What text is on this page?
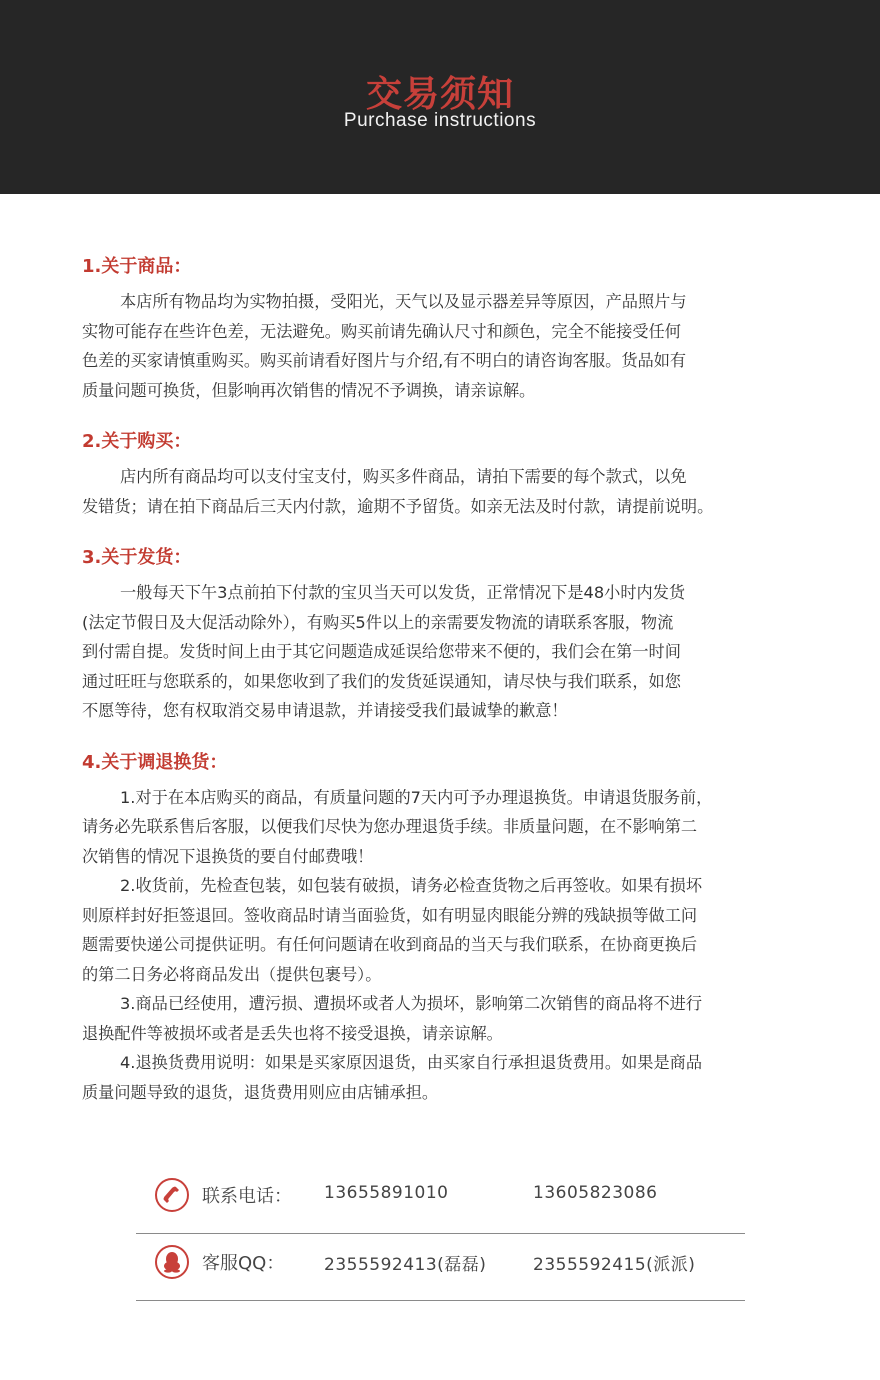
交易须知
Purchase instructions
1.关于商品：
本店所有物品均为实物拍摄，受阳光，天气以及显示器差异等原因，产品照片与
实物可能存在些许色差，无法避免。购买前请先确认尺寸和颜色，完全不能接受任何
色差的买家请慎重购买。购买前请看好图片与介绍,有不明白的请咨询客服。货品如有
质量问题可换货，但影响再次销售的情况不予调换，请亲谅解。
2.关于购买：
店内所有商品均可以支付宝支付，购买多件商品，请拍下需要的每个款式，以免
发错货；请在拍下商品后三天内付款，逾期不予留货。如亲无法及时付款，请提前说明。
3.关于发货：
一般每天下午3点前拍下付款的宝贝当天可以发货，正常情况下是48小时内发货
(法定节假日及大促活动除外），有购买5件以上的亲需要发物流的请联系客服，物流
到付需自提。发货时间上由于其它问题造成延误给您带来不便的，我们会在第一时间
通过旺旺与您联系的，如果您收到了我们的发货延误通知，请尽快与我们联系，如您
不愿等待，您有权取消交易申请退款，并请接受我们最诚挚的歉意！
4.关于调退换货：
1.对于在本店购买的商品，有质量问题的7天内可予办理退换货。申请退货服务前，
请务必先联系售后客服，以便我们尽快为您办理退货手续。非质量问题，在不影响第二
次销售的情况下退换货的要自付邮费哦！
2.收货前，先检查包装，如包装有破损，请务必检查货物之后再签收。如果有损坏
则原样封好拒签退回。签收商品时请当面验货，如有明显肉眼能分辨的残缺损等做工问
题需要快递公司提供证明。有任何问题请在收到商品的当天与我们联系，在协商更换后
的第二日务必将商品发出（提供包裹号）。
3.商品已经使用，遭污损、遭损坏或者人为损坏，影响第二次销售的商品将不进行
退换配件等被损坏或者是丢失也将不接受退换，请亲谅解。
4.退换货费用说明：如果是买家原因退货，由买家自行承担退货费用。如果是商品
质量问题导致的退货，退货费用则应由店铺承担。
联系电话： 13655891010	13605823086
客服QQ： 2355592413(磊磊)	2355592415(派派)
